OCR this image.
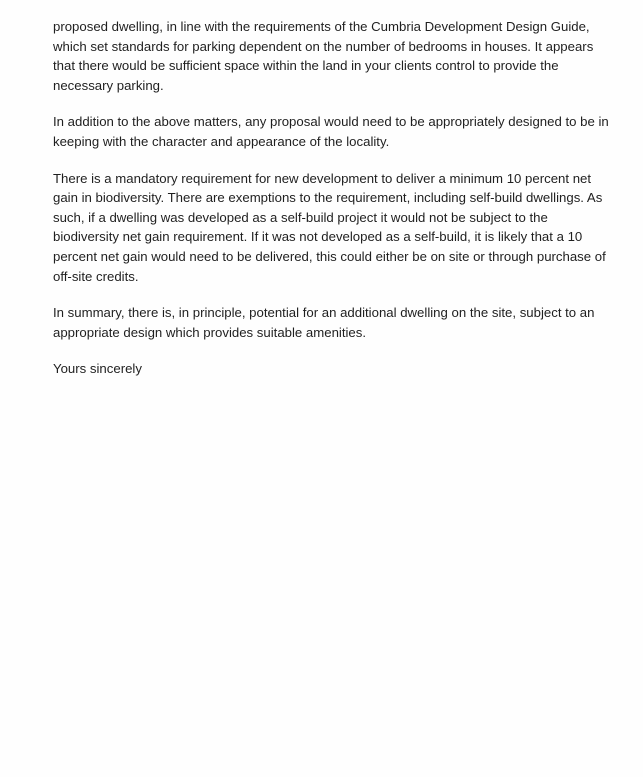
proposed dwelling, in line with the requirements of the Cumbria Development Design Guide, which set standards for parking dependent on the number of bedrooms in houses. It appears that there would be sufficient space within the land in your clients control to provide the necessary parking.

In addition to the above matters, any proposal would need to be appropriately designed to be in keeping with the character and appearance of the locality.

There is a mandatory requirement for new development to deliver a minimum 10 percent net gain in biodiversity. There are exemptions to the requirement, including self-build dwellings. As such, if a dwelling was developed as a self-build project it would not be subject to the biodiversity net gain requirement. If it was not developed as a self-build, it is likely that a 10 percent net gain would need to be delivered, this could either be on site or through purchase of off-site credits.

In summary, there is, in principle, potential for an additional dwelling on the site, subject to an appropriate design which provides suitable amenities.

Yours sincerely
